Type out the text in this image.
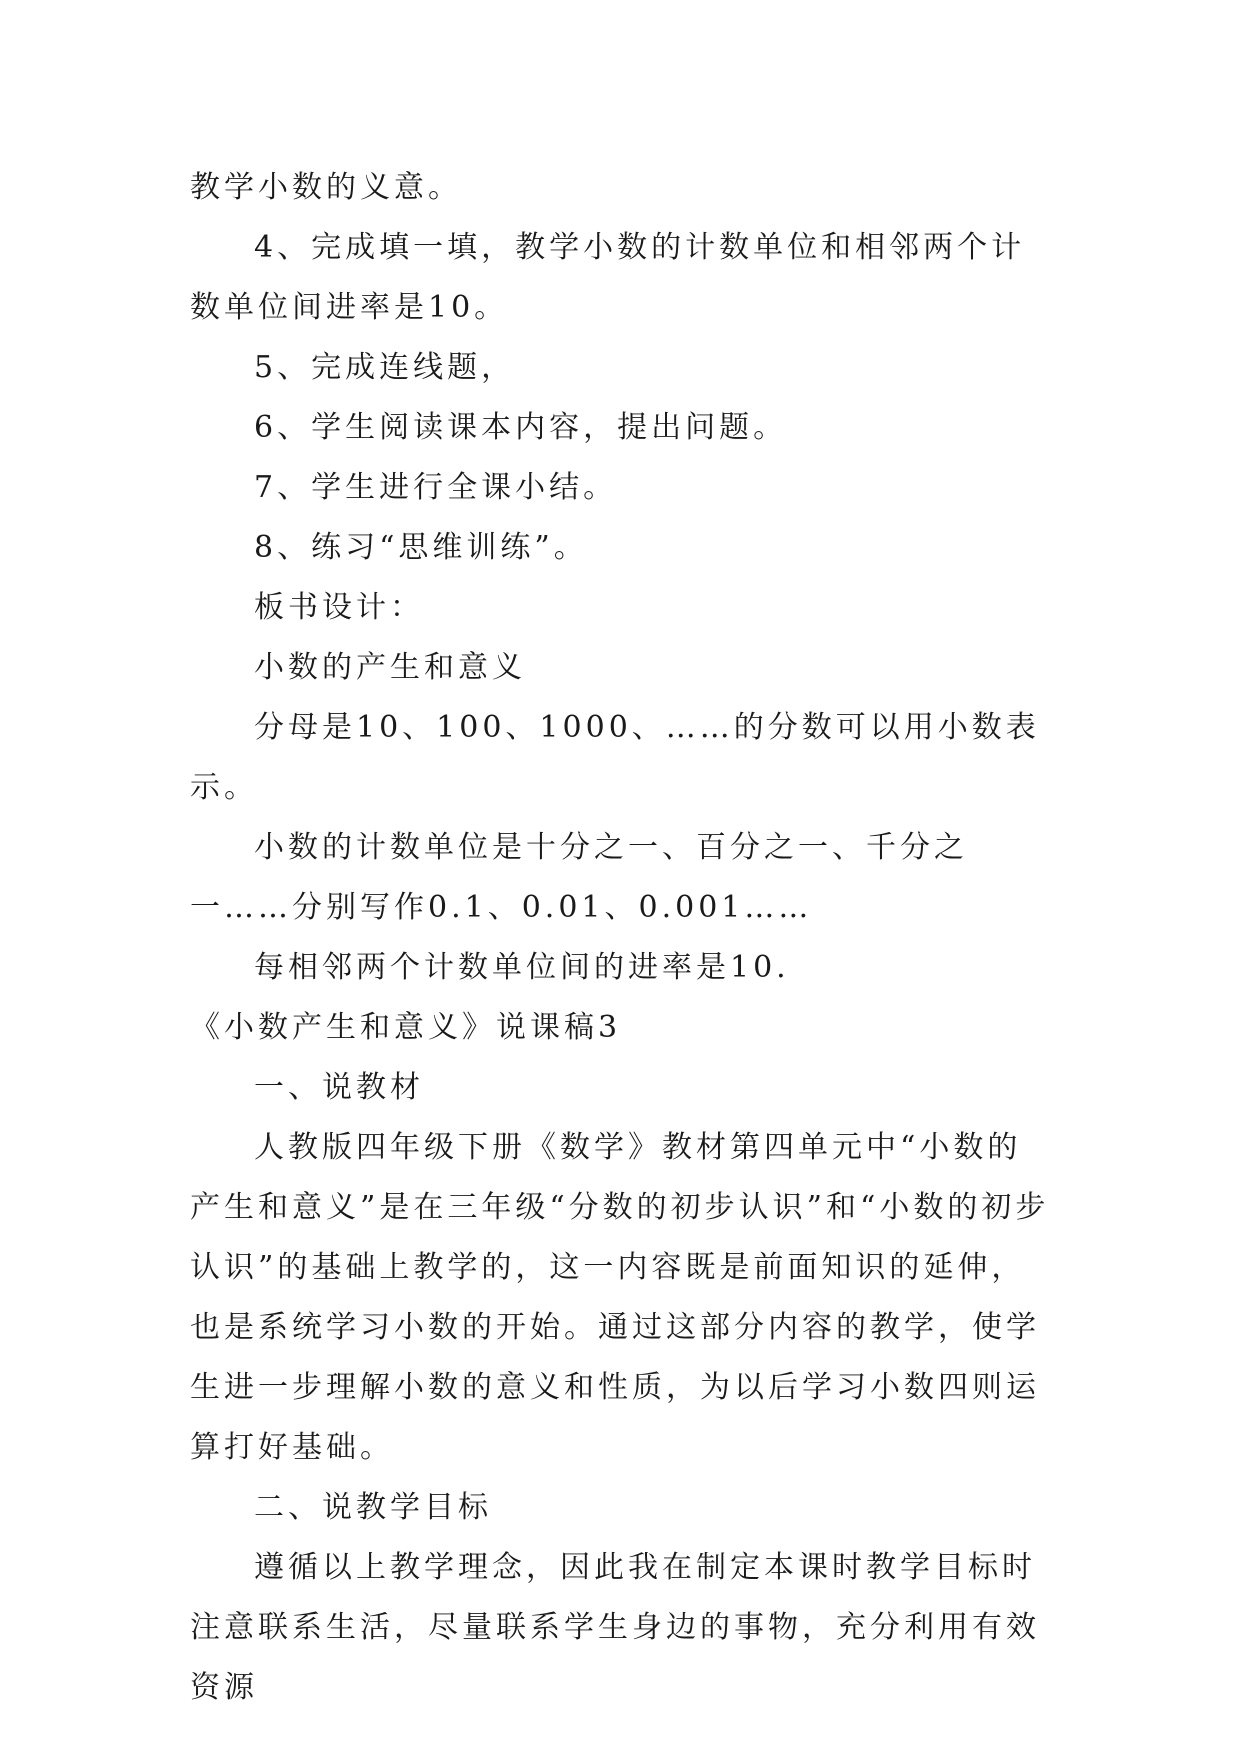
教学小数的义意。

4、完成填一填，教学小数的计数单位和相邻两个计数单位间进率是10。

5、完成连线题，

6、学生阅读课本内容，提出问题。

7、学生进行全课小结。

8、练习“思维训练”。

板书设计：

小数的产生和意义

分母是10、100、1000、……的分数可以用小数表示。

小数的计数单位是十分之一、百分之一、千分之一……分别写作0.1、0.01、0.001……

每相邻两个计数单位间的进率是10.

《小数产生和意义》说课稿3

一、说教材

人教版四年级下册《数学》教材第四单元中“小数的产生和意义”是在三年级“分数的初步认识”和“小数的初步认识”的基础上教学的，这一内容既是前面知识的延伸，也是系统学习小数的开始。通过这部分内容的教学，使学生进一步理解小数的意义和性质，为以后学习小数四则运算打好基础。

二、说教学目标

遵循以上教学理念，因此我在制定本课时教学目标时注意联系生活，尽量联系学生身边的事物，充分利用有效资源
